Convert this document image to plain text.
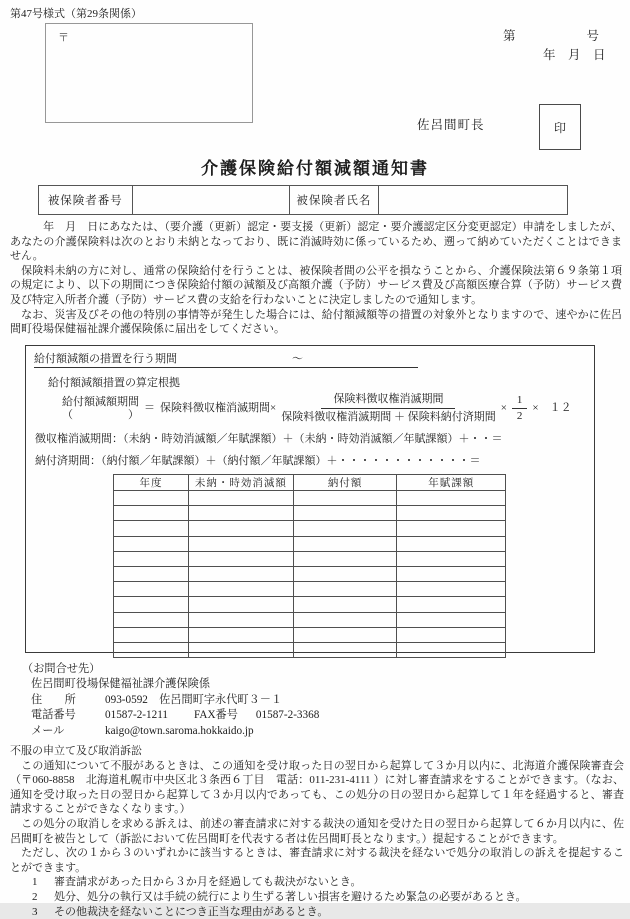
第47号様式（第29条関係）
〒	第	号
年　月　日
佐呂間町長	印
介護保険給付額減額通知書
被保険者番号	被保険者氏名

　　　年　月　日にあなたは、（要介護（更新）認定・要支援（更新）認定・要介護認定区分変更認定）申請をしましたが、あなたの介護保険料は次のとおり未納となっており、既に消滅時効に係っているため、遡って納めていただくことはできません。

　保険料未納の方に対し、通常の保険給付を行うことは、被保険者間の公平を損なうことから、介護保険法第６９条第１項の規定により、以下の期間につき保険給付額の減額及び高額介護（予防）サービス費及び高額医療合算（予防）サービス費及び特定入所者介護（予防）サービス費の支給を行わないことに決定しましたので通知します。

　なお、災害及びその他の特別の事情等が発生した場合には、給付額減額等の措置の対象外となりますので、速やかに佐呂間町役場保健福祉課介護保険係に届出をしてください。

給付額減額の措置を行う期間	〜
給付額減額措置の算定根拠
給付額減額期間
（　　　　　）
＝ 保険料徴収権消滅期間× $\frac{\text{保険料徴収権消滅期間}}{\text{保険料徴収権消滅期間 ＋ 保険料納付済期間}} \times \frac{1}{2}$ ×　１２
徴収権消滅期間：（未納・時効消滅額／年賦課額）＋（未納・時効消滅額／年賦課額）＋・・＝
納付済期間：（納付額／年賦課額）＋（納付額／年賦課額）＋・・・・・・・・・・・・＝
年度	未納・時効消滅額	納付額	年賦課額

（お問合せ先）
佐呂間町役場保健福祉課介護保険係
住　　所	093-0592　佐呂間町字永代町３－１
電話番号	01587-2-1211 FAX番号 01587-2-3368
メール	kaigo@town.saroma.hokkaido.jp
不服の申立て及び取消訴訟

　この通知について不服があるときは、この通知を受け取った日の翌日から起算して３か月以内に、北海道介護保険審査会（〒060-8858　北海道札幌市中央区北３条西６丁目　電話：011-231-4111 ）に対し審査請求をすることができます。（なお、通知を受け取った日の翌日から起算して３か月以内であっても、この処分の日の翌日から起算して１年を経過すると、審査請求することができなくなります。）

　この処分の取消しを求める訴えは、前述の審査請求に対する裁決の通知を受けた日の翌日から起算して６か月以内に、佐呂間町を被告として（訴訟において佐呂間町を代表する者は佐呂間町長となります。）提起することができます。

　ただし、次の１から３のいずれかに該当するときは、審査請求に対する裁決を経ないで処分の取消しの訴えを提起することができます。

1	審査請求があった日から３か月を経過しても裁決がないとき。
2	処分、処分の執行又は手続の続行により生ずる著しい損害を避けるため緊急の必要があるとき。
3	その他裁決を経ないことにつき正当な理由があるとき。
